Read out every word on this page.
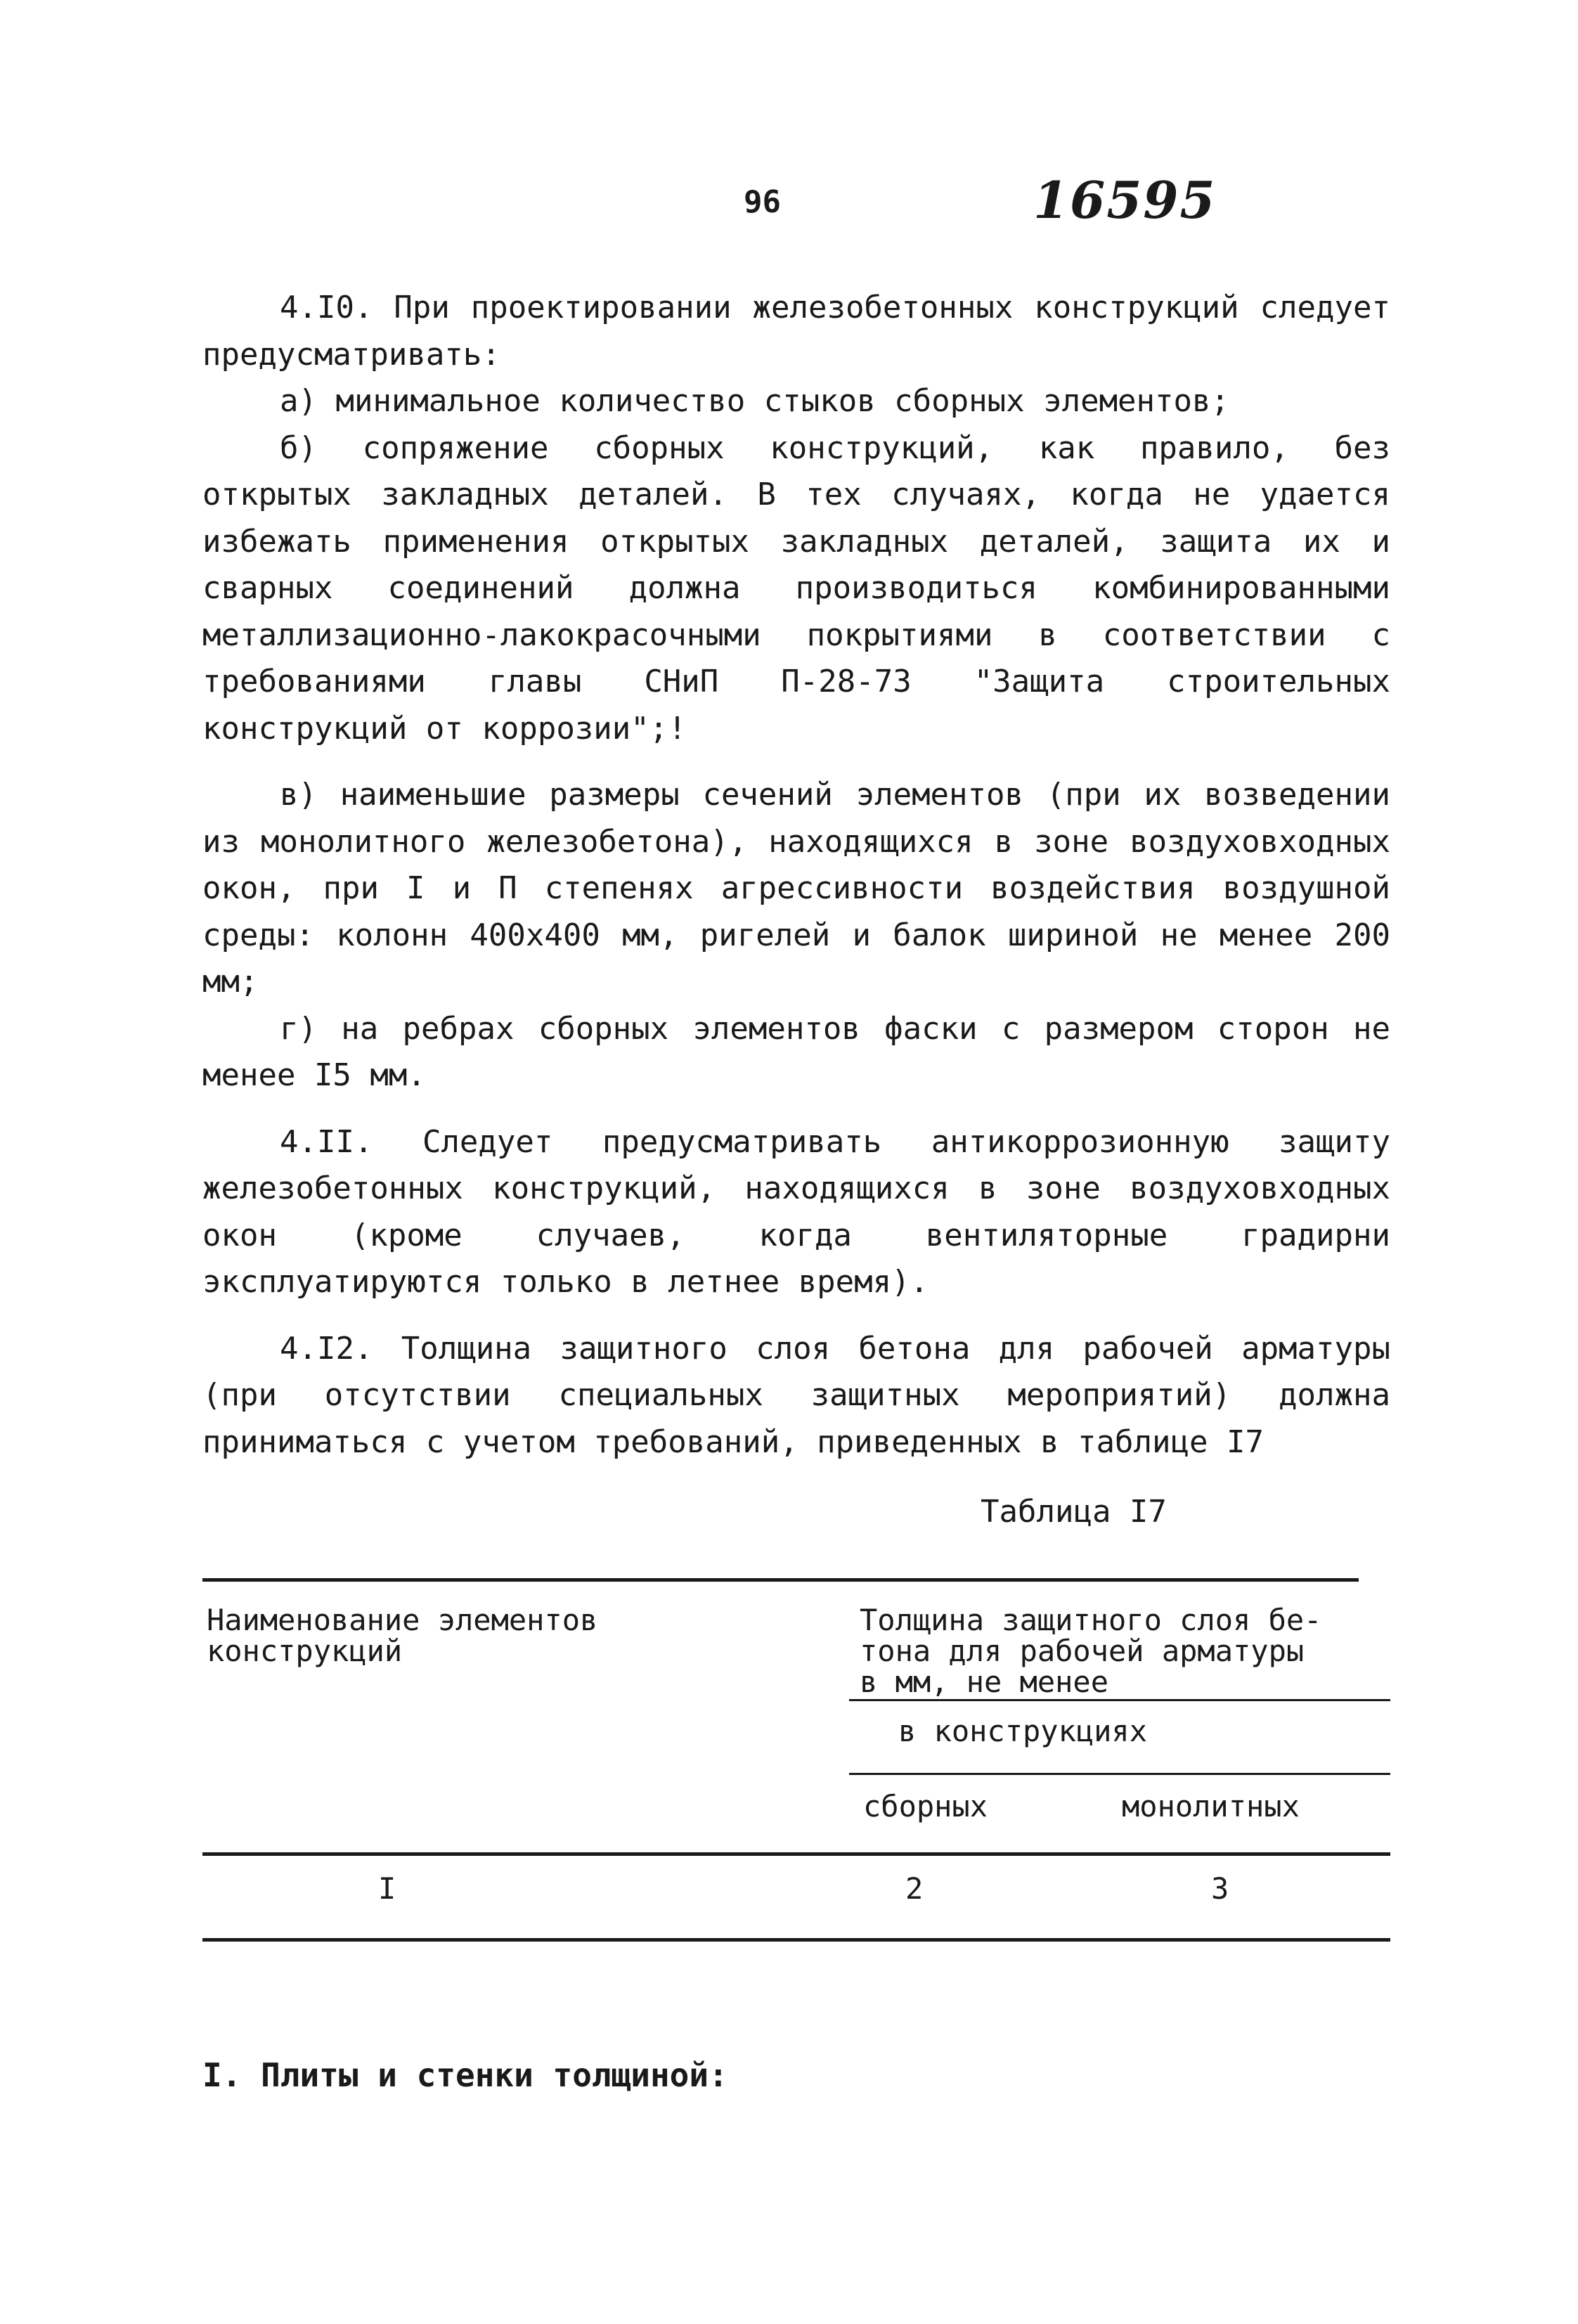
96	16595

4.I0. При проектировании железобетонных конструкций следует предусматривать:

а) минимальное количество стыков сборных элементов;

б) сопряжение сборных конструкций, как правило, без открытых закладных деталей. В тех случаях, когда не удается избежать применения открытых закладных деталей, защита их и сварных соединений должна производиться комбинированными металлизационно-лакокрасочными покрытиями в соответствии с требованиями главы СНиП П-28-73 "Защита строительных конструкций от коррозии";!

в) наименьшие размеры сечений элементов (при их возведении из монолитного железобетона), находящихся в зоне воздуховходных окон, при I и П степенях агрессивности воздействия воздушной среды: колонн 400х400 мм, ригелей и балок шириной не менее 200 мм;

г) на ребрах сборных элементов фаски с размером сторон не менее I5 мм.

4.II. Следует предусматривать антикоррозионную защиту железобетонных конструкций, находящихся в зоне воздуховходных окон (кроме случаев, когда вентиляторные градирни эксплуатируются только в летнее время).

4.I2. Толщина защитного слоя бетона для рабочей арматуры (при отсутствии специальных защитных мероприятий) должна приниматься с учетом требований, приведенных в таблице I7

Таблица I7
Наименование элементов
конструкций
Толщина защитного слоя бе-
тона для рабочей арматуры
в мм, не менее
в конструкциях
сборных	монолитных
I	2	3
I. Плиты и стенки толщиной:
